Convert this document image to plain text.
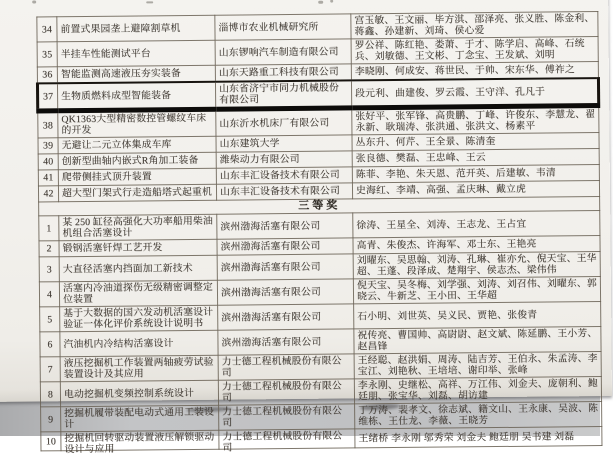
34	前置式果园垄上避障割草机	淄博市农业机械研究所	宫玉敏、王文丽、毕方淇、邵泽亮、张义胜、陈金利、蒋鑫、孙建新、刘琦、侯心爱

35	半挂车性能测试平台	山东锣响汽车制造有限公司	罗公祥、陈红艳、娄萧、于才、陈学启、高峰、石统兵、刘敏德、王文彬、丁念宝、王发斌、刘明

36	智能监测高速液压夯实装备	山东天路重工科技有限公司	李晓刚、何成安、蒋世民、于帅、宋东华、傅祚之

37	生物质燃料成型智能装备	山东省济宁市同力机械股份有限公司	段元利、曲建俊、罗云霞、王守洋、孔凡于

38	QK1363大型精密数控管螺纹车床的开发	山东沂水机床厂有限公司	张好平、张军锋、高贵鹏、丁峰、许俊东、李慧龙、翟永新、耿瑞涛、张洪通、张洪文、杨素平

39	无避让二元立体集成车库	山东建筑大学	丛东升、何芹、王全景、陈清奎

40	创新型曲轴内嵌式R角加工装备	潍柴动力有限公司	张良德、樊磊、王忠峰、王云

41	爬带侧挂式顶升装置	山东丰汇设备技术有限公司	陈菲、李艳、朱天恩、范开英、后建敏、韦清

42	超大型门架式行走造船塔式起重机	山东丰汇设备技术有限公司	史海红、李靖、高强、孟庆琳、戴立虎

三等奖			

1	某 250 缸径高强化大功率船用柴油机组合活塞设计	滨州渤海活塞有限公司	徐涛、王星全、刘涛、王志龙、王占宜

2	锻钢活塞钎焊工艺开发	滨州渤海活塞有限公司	高青、朱俊杰、许海军、邓士东、王艳亮

3	大直径活塞内挡面加工新技术	滨州渤海活塞有限公司	刘曜东、吴思翰、刘涛、孔琳、崔亦允、倪天宝、王华超、王蓬、段泽成、楚翔宇、侯志杰、梁伟伟

4	活塞内冷油道探伤无级精密调整定位装置	滨州渤海活塞有限公司	倪天宝、吴冬梅、刘学强、刘涛、刘召伟、刘曜东、郭晓云、牛新芝、王小田、王华超

5	基于大数据的国六发动机活塞设计验证一体化评价系统设计说明书	滨州渤海活塞有限公司	石小明、刘世英、吴义民、贾艳、张俊青

6	汽油机内冷结构活塞设计	滨州渤海活塞有限公司	祝传亮、曹国帅、高尉尉、赵文斌、陈延鹏、王小芳、赵昌锋

7	液压挖掘机工作装置两轴疲劳试验装置设计及其应用	力士德工程机械股份有限公司	王经聪、赵洪娟、周涛、陆吉芳、王伯永、朱孟涛、李宝江、刘艳秋、王培培、谢印举、张峰

8	电动挖掘机变频控制系统设计	力士德工程机械股份有限公司	李永刚、史继松、高祥、万江伟、刘金夫、庞朝利、鲍廷朋、张宝华、刘磊、胡访建

9	挖掘机履带装配电动式通用工装设计	力士德工程机械股份有限公司	丁万涛、裴孝文、徐志斌、籍文山、王永康、吴波、陈维栋、王仕龙、李薇、王晓芳

10	挖掘机回转驱动装置液压解锁驱动设计与应用	力士德工程机械股份有限公司	王绪桥 李永刚 邬秀荣 刘金夫 鲍廷朋 吴书建 刘磊
